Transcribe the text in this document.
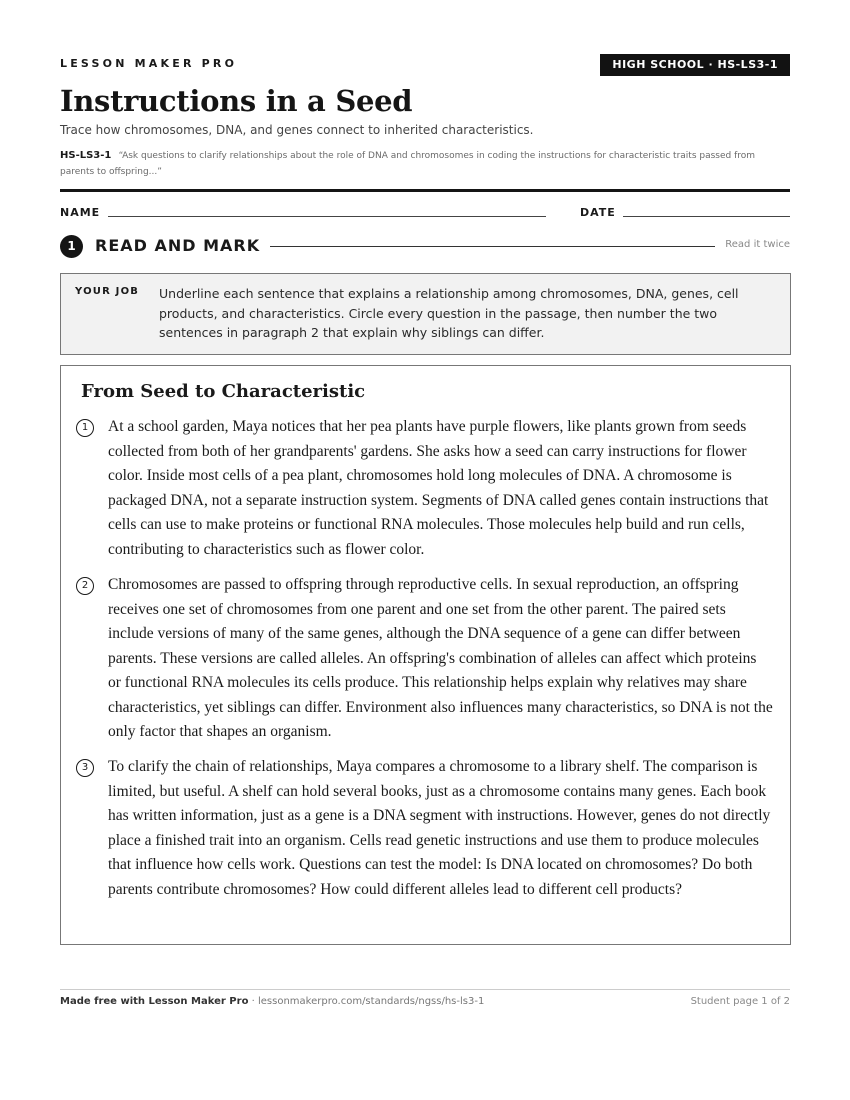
LESSON MAKER PRO	HIGH SCHOOL · HS-LS3-1
Instructions in a Seed
Trace how chromosomes, DNA, and genes connect to inherited characteristics.
HS-LS3-1 “Ask questions to clarify relationships about the role of DNA and chromosomes in coding the instructions for characteristic traits passed from parents to offspring...”
NAME	DATE
1	READ AND MARK	Read it twice
YOUR JOB Underline each sentence that explains a relationship among chromosomes, DNA, genes, cell products, and characteristics. Circle every question in the passage, then number the two sentences in paragraph 2 that explain why siblings can differ.
From Seed to Characteristic
1	At a school garden, Maya notices that her pea plants have purple flowers, like plants grown from seeds collected from both of her grandparents' gardens. She asks how a seed can carry instructions for flower color. Inside most cells of a pea plant, chromosomes hold long molecules of DNA. A chromosome is packaged DNA, not a separate instruction system. Segments of DNA called genes contain instructions that cells can use to make proteins or functional RNA molecules. Those molecules help build and run cells, contributing to characteristics such as flower color.
2	Chromosomes are passed to offspring through reproductive cells. In sexual reproduction, an offspring receives one set of chromosomes from one parent and one set from the other parent. The paired sets include versions of many of the same genes, although the DNA sequence of a gene can differ between parents. These versions are called alleles. An offspring's combination of alleles can affect which proteins or functional RNA molecules its cells produce. This relationship helps explain why relatives may share characteristics, yet siblings can differ. Environment also influences many characteristics, so DNA is not the only factor that shapes an organism.
3	To clarify the chain of relationships, Maya compares a chromosome to a library shelf. The comparison is limited, but useful. A shelf can hold several books, just as a chromosome contains many genes. Each book has written information, just as a gene is a DNA segment with instructions. However, genes do not directly place a finished trait into an organism. Cells read genetic instructions and use them to produce molecules that influence how cells work. Questions can test the model: Is DNA located on chromosomes? Do both parents contribute chromosomes? How could different alleles lead to different cell products?
Made free with Lesson Maker Pro · lessonmakerpro.com/standards/ngss/hs-ls3-1	Student page 1 of 2
